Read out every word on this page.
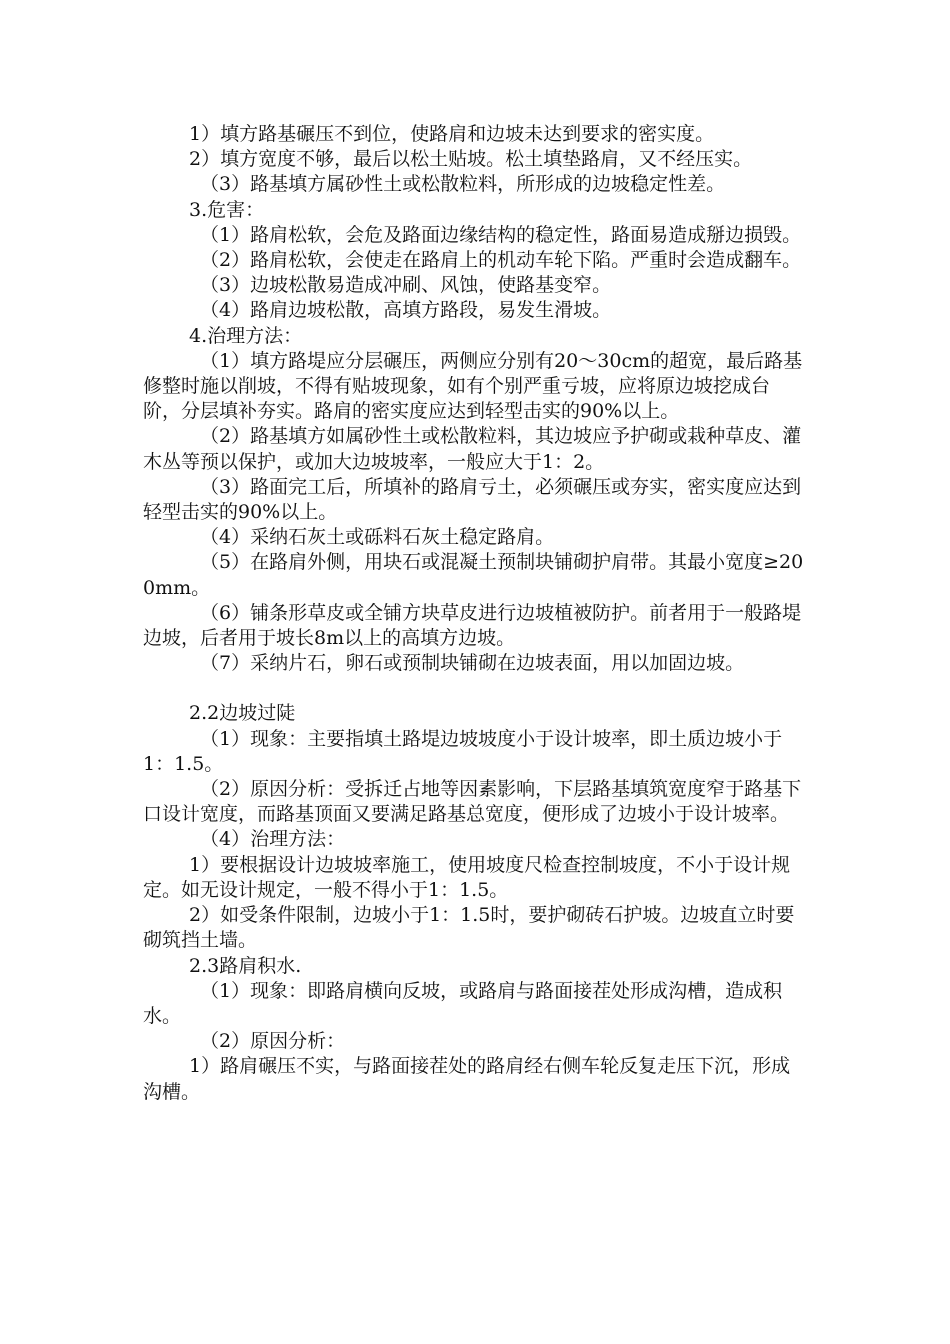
1）填方路基碾压不到位，使路肩和边坡未达到要求的密实度。

2）填方宽度不够，最后以松土贴坡。松土填垫路肩，又不经压实。

（3）路基填方属砂性土或松散粒料，所形成的边坡稳定性差。

3.危害：

（1）路肩松软，会危及路面边缘结构的稳定性，路面易造成掰边损毁。

（2）路肩松软，会使走在路肩上的机动车轮下陷。严重时会造成翻车。

（3）边坡松散易造成冲刷、风蚀，使路基变窄。

（4）路肩边坡松散，高填方路段，易发生滑坡。

4.治理方法：

（1）填方路堤应分层碾压，两侧应分别有20～30cm的超宽，最后路基修整时施以削坡，不得有贴坡现象，如有个别严重亏坡，应将原边坡挖成台阶，分层填补夯实。路肩的密实度应达到轻型击实的90%以上。

（2）路基填方如属砂性土或松散粒料，其边坡应予护砌或栽种草皮、灌木丛等预以保护，或加大边坡坡率，一般应大于1：2。

（3）路面完工后，所填补的路肩亏土，必须碾压或夯实，密实度应达到轻型击实的90%以上。

（4）采纳石灰土或砾料石灰土稳定路肩。

（5）在路肩外侧，用块石或混凝土预制块铺砌护肩带。其最小宽度≥200mm。

（6）铺条形草皮或全铺方块草皮进行边坡植被防护。前者用于一般路堤边坡，后者用于坡长8m以上的高填方边坡。

（7）采纳片石，卵石或预制块铺砌在边坡表面，用以加固边坡。

2.2边坡过陡

（1）现象：主要指填土路堤边坡坡度小于设计坡率，即土质边坡小于1：1.5。

（2）原因分析：受拆迁占地等因素影响，下层路基填筑宽度窄于路基下口设计宽度，而路基顶面又要满足路基总宽度，便形成了边坡小于设计坡率。

（4）治理方法：

1）要根据设计边坡坡率施工，使用坡度尺检查控制坡度，不小于设计规定。如无设计规定，一般不得小于1：1.5。

2）如受条件限制，边坡小于1：1.5时，要护砌砖石护坡。边坡直立时要砌筑挡土墙。

2.3路肩积水.

（1）现象：即路肩横向反坡，或路肩与路面接茬处形成沟槽，造成积水。

（2）原因分析：

1）路肩碾压不实，与路面接茬处的路肩经右侧车轮反复走压下沉，形成沟槽。
